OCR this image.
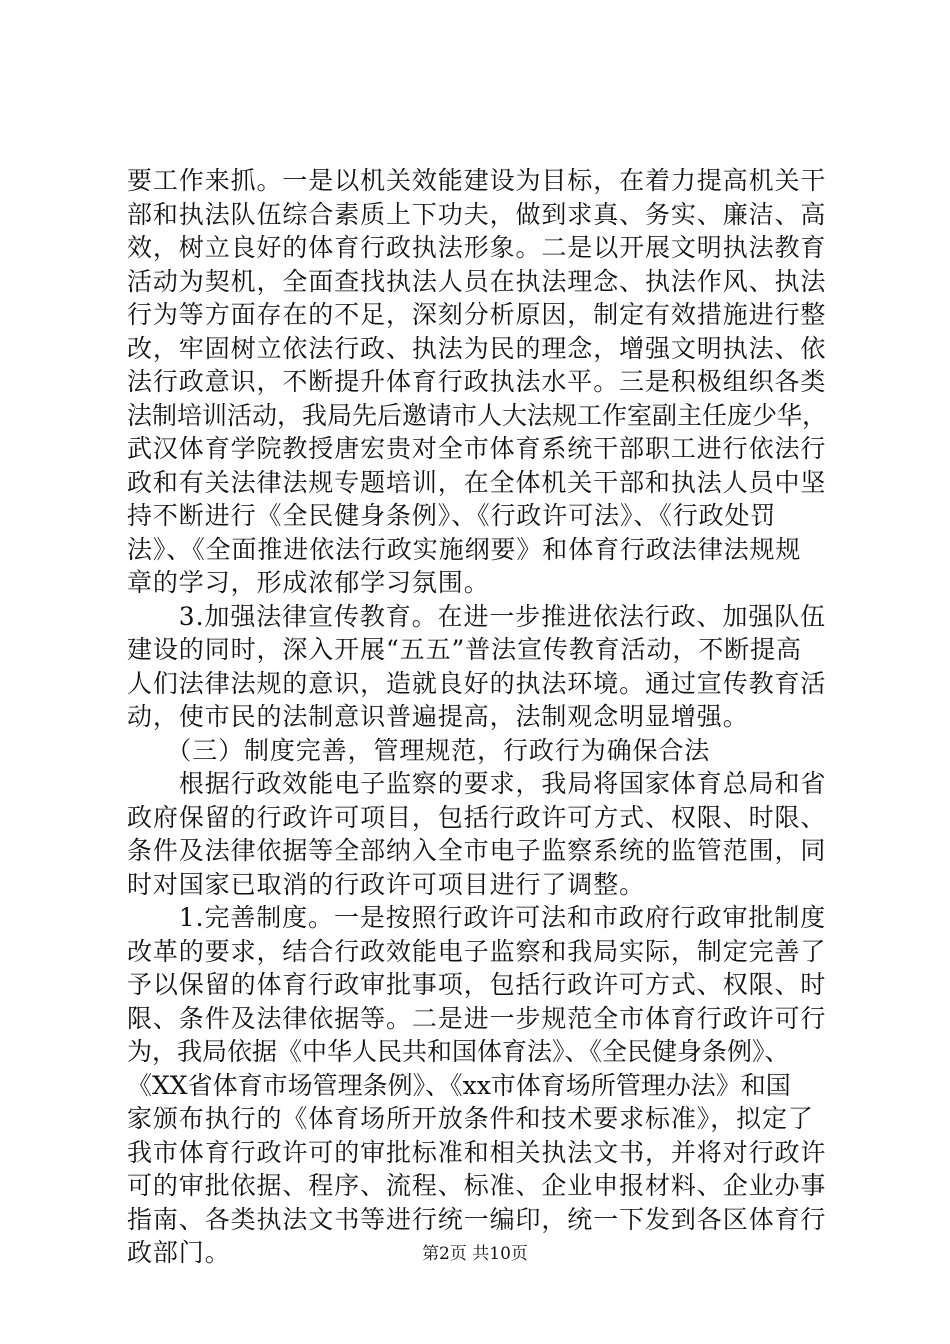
要工作来抓。一是以机关效能建设为目标，在着力提高机关干
部和执法队伍综合素质上下功夫，做到求真、务实、廉洁、高
效，树立良好的体育行政执法形象。二是以开展文明执法教育
活动为契机，全面查找执法人员在执法理念、执法作风、执法
行为等方面存在的不足，深刻分析原因，制定有效措施进行整
改，牢固树立依法行政、执法为民的理念，增强文明执法、依
法行政意识，不断提升体育行政执法水平。三是积极组织各类
法制培训活动，我局先后邀请市人大法规工作室副主任庞少华，
武汉体育学院教授唐宏贵对全市体育系统干部职工进行依法行
政和有关法律法规专题培训，在全体机关干部和执法人员中坚
持不断进行《全民健身条例》、《行政许可法》、《行政处罚
法》、《全面推进依法行政实施纲要》和体育行政法律法规规
章的学习，形成浓郁学习氛围。
　　3.加强法律宣传教育。在进一步推进依法行政、加强队伍
建设的同时，深入开展“五五”普法宣传教育活动，不断提高
人们法律法规的意识，造就良好的执法环境。通过宣传教育活
动，使市民的法制意识普遍提高，法制观念明显增强。
　　（三）制度完善，管理规范，行政行为确保合法
　　根据行政效能电子监察的要求，我局将国家体育总局和省
政府保留的行政许可项目，包括行政许可方式、权限、时限、
条件及法律依据等全部纳入全市电子监察系统的监管范围，同
时对国家已取消的行政许可项目进行了调整。
　　1.完善制度。一是按照行政许可法和市政府行政审批制度
改革的要求，结合行政效能电子监察和我局实际，制定完善了
予以保留的体育行政审批事项，包括行政许可方式、权限、时
限、条件及法律依据等。二是进一步规范全市体育行政许可行
为，我局依据《中华人民共和国体育法》、《全民健身条例》、
《XX省体育市场管理条例》、《xx市体育场所管理办法》和国
家颁布执行的《体育场所开放条件和技术要求标准》，拟定了
我市体育行政许可的审批标准和相关执法文书，并将对行政许
可的审批依据、程序、流程、标准、企业申报材料、企业办事
指南、各类执法文书等进行统一编印，统一下发到各区体育行
政部门。	第2页 共10页
